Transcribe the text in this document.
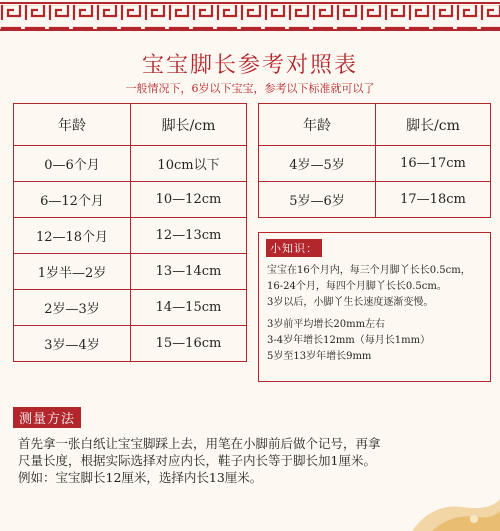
宝宝脚长参考对照表
一般情况下，6岁以下宝宝，参考以下标准就可以了
年龄	脚长/cm
0—6个月	10cm以下
6—12个月	10—12cm
12—18个月	12—13cm
1岁半—2岁	13—14cm
2岁—3岁	14—15cm
3岁—4岁	15—16cm
年龄	脚长/cm
4岁—5岁	16—17cm
5岁—6岁	17—18cm
小知识：

宝宝在16个月内，每三个月脚丫长长0.5cm，

16-24个月，每四个月脚丫长长0.5cm。

3岁以后，小脚丫生长速度逐渐变慢。

3岁前平均增长20mm左右

3-4岁年增长12mm（每月长1mm）

5岁至13岁年增长9mm

测量方法

首先拿一张白纸让宝宝脚踩上去，用笔在小脚前后做个记号，再拿

尺量长度，根据实际选择对应内长，鞋子内长等于脚长加1厘米。

例如：宝宝脚长12厘米，选择内长13厘米。
